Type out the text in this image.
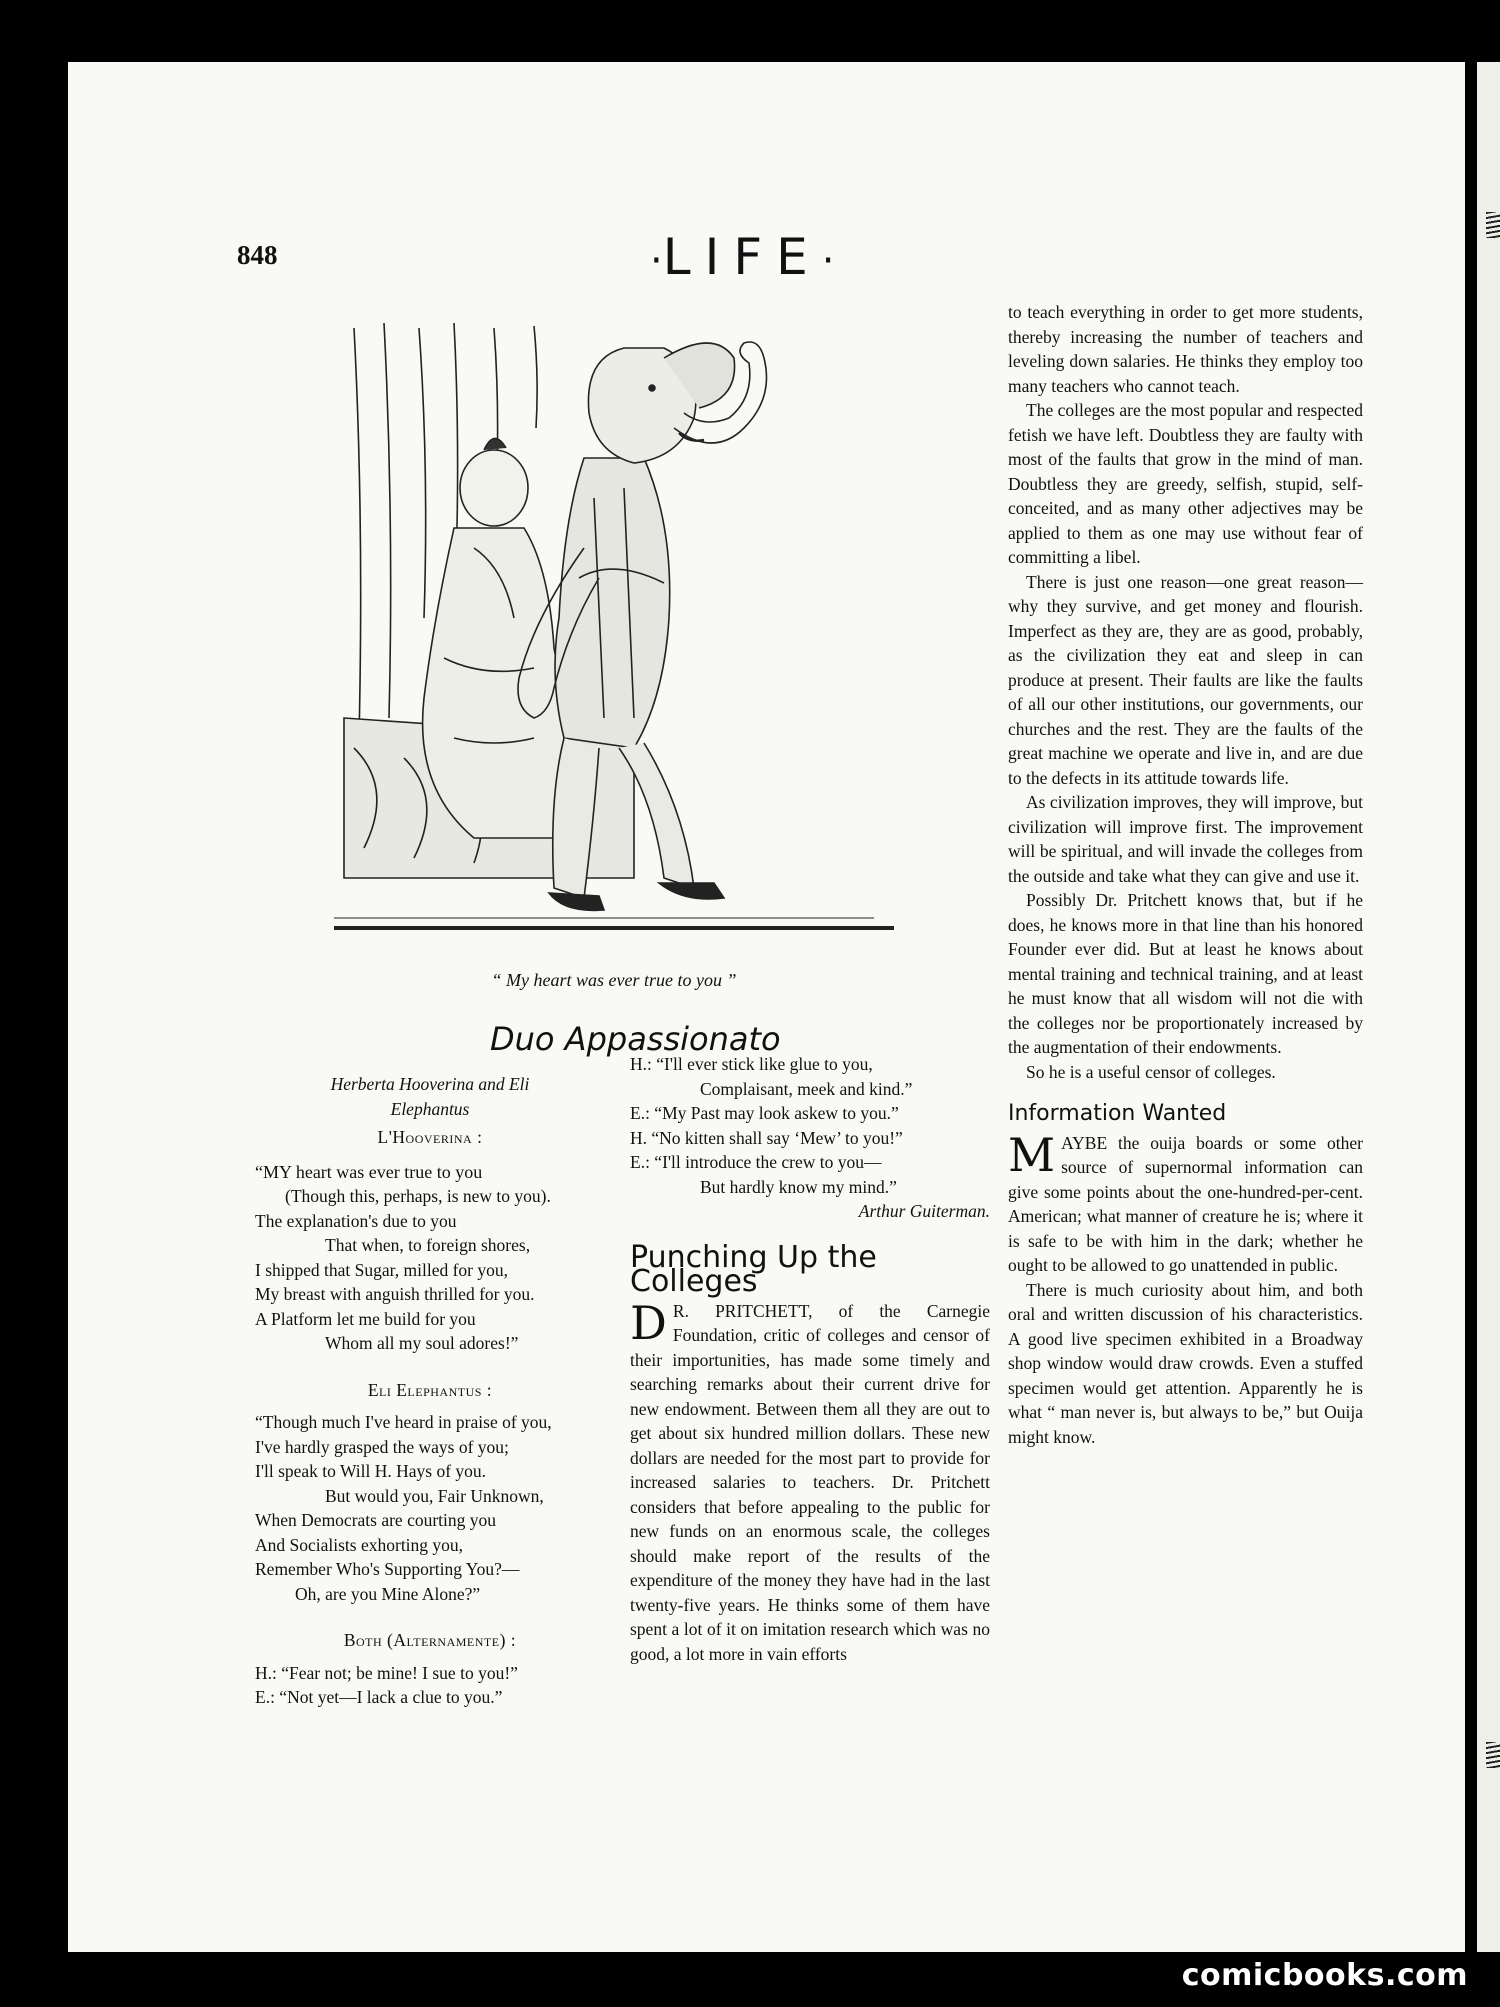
848	·LIFE·
“ My heart was ever true to you ”
Duo Appassionato

Herberta Hooverina and Eli Elephantus

L'Hooverina :

“MY heart was ever true to you

(Though this, perhaps, is new to you).

The explanation's due to you

That when, to foreign shores,

I shipped that Sugar, milled for you,

My breast with anguish thrilled for you.

A Platform let me build for you

Whom all my soul adores!”

Eli Elephantus :

“Though much I've heard in praise of you,

I've hardly grasped the ways of you;

I'll speak to Will H. Hays of you.

But would you, Fair Unknown,

When Democrats are courting you

And Socialists exhorting you,

Remember Who's Supporting You?—

Oh, are you Mine Alone?”

Both (Alternamente) :

H.: “Fear not; be mine! I sue to you!”

E.: “Not yet—I lack a clue to you.”

H.: “I'll ever stick like glue to you,

Complaisant, meek and kind.”

E.: “My Past may look askew to you.”

H. “No kitten shall say ‘Mew’ to you!”

E.: “I'll introduce the crew to you—

But hardly know my mind.”

Arthur Guiterman.

Punching Up the Colleges

D R. PRITCHETT, of the Carnegie Foundation, critic of colleges and censor of their importunities, has made some timely and searching remarks about their current drive for new endowment. Between them all they are out to get about six hundred million dollars. These new dollars are needed for the most part to provide for increased salaries to teachers. Dr. Pritchett considers that before appealing to the public for new funds on an enormous scale, the colleges should make report of the results of the expenditure of the money they have had in the last twenty-five years. He thinks some of them have spent a lot of it on imitation research which was no good, a lot more in vain efforts

to teach everything in order to get more students, thereby increasing the number of teachers and leveling down salaries. He thinks they employ too many teachers who cannot teach.

The colleges are the most popular and respected fetish we have left. Doubtless they are faulty with most of the faults that grow in the mind of man. Doubtless they are greedy, selfish, stupid, self-conceited, and as many other adjectives may be applied to them as one may use without fear of committing a libel.

There is just one reason—one great reason—why they survive, and get money and flourish. Imperfect as they are, they are as good, probably, as the civilization they eat and sleep in can produce at present. Their faults are like the faults of all our other institutions, our governments, our churches and the rest. They are the faults of the great machine we operate and live in, and are due to the defects in its attitude towards life.

As civilization improves, they will improve, but civilization will improve first. The improvement will be spiritual, and will invade the colleges from the outside and take what they can give and use it.

Possibly Dr. Pritchett knows that, but if he does, he knows more in that line than his honored Founder ever did. But at least he knows about mental training and technical training, and at least he must know that all wisdom will not die with the colleges nor be proportionately increased by the augmentation of their endowments.

So he is a useful censor of colleges.

Information Wanted

MAYBE the ouija boards or some other source of supernormal information can give some points about the one-hundred-per-cent. American; what manner of creature he is; where it is safe to be with him in the dark; whether he ought to be allowed to go unattended in public.

There is much curiosity about him, and both oral and written discussion of his characteristics. A good live specimen exhibited in a Broadway shop window would draw crowds. Even a stuffed specimen would get attention. Apparently he is what “ man never is, but always to be,” but Ouija might know.

comicbooks.com
